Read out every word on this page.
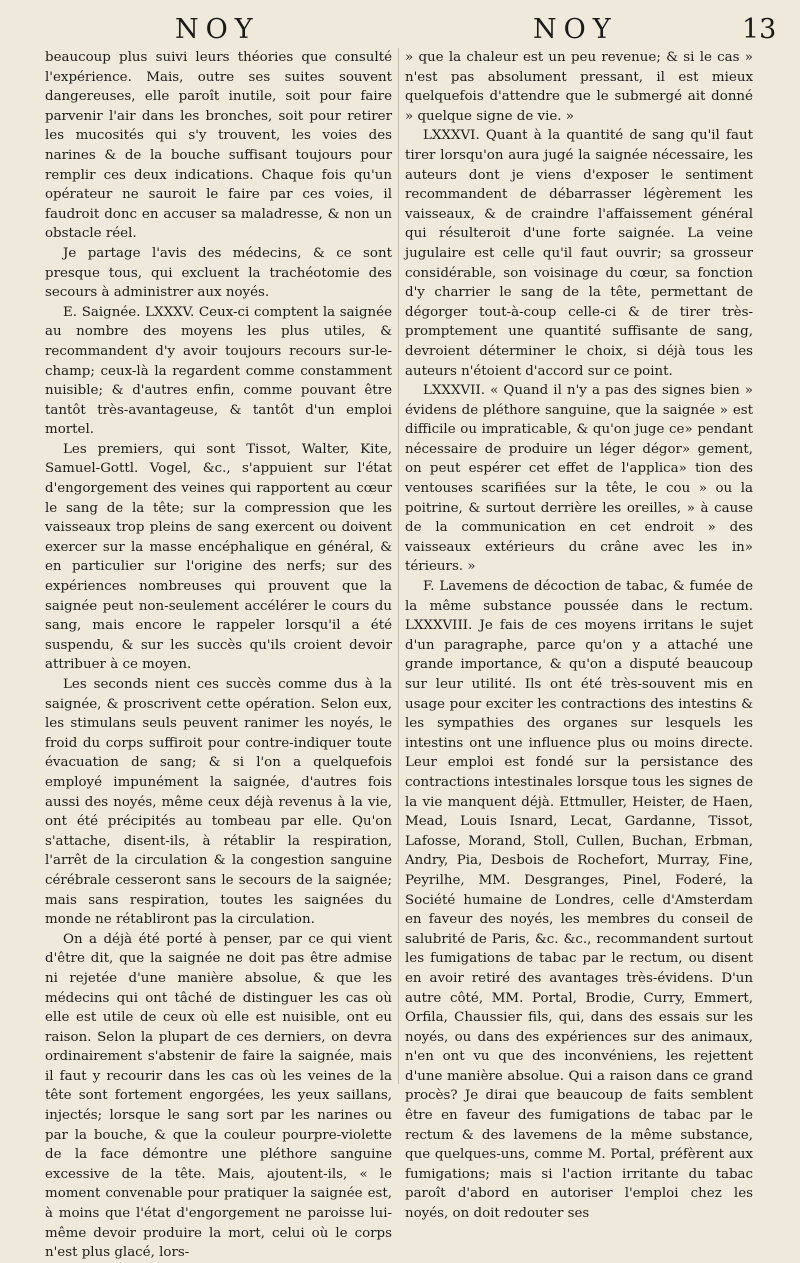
NOY	NOY	13

beaucoup plus suivi leurs théories que consulté l'expérience. Mais, outre ses suites souvent dangereuses, elle paroît inutile, soit pour faire parvenir l'air dans les bronches, soit pour retirer les mucosités qui s'y trouvent, les voies des narines & de la bouche suffisant toujours pour remplir ces deux indications. Chaque fois qu'un opérateur ne sauroit le faire par ces voies, il faudroit donc en accuser sa maladresse, & non un obstacle réel.

Je partage l'avis des médecins, & ce sont presque tous, qui excluent la trachéotomie des secours à administrer aux noyés.

E. Saignée. LXXXV. Ceux-ci comptent la saignée au nombre des moyens les plus utiles, & recommandent d'y avoir toujours recours sur-le-champ; ceux-là la regardent comme constamment nuisible; & d'autres enfin, comme pouvant être tantôt très-avantageuse, & tantôt d'un emploi mortel.

Les premiers, qui sont Tissot, Walter, Kite, Samuel-Gottl. Vogel, &c., s'appuient sur l'état d'engorgement des veines qui rapportent au cœur le sang de la tête; sur la compression que les vaisseaux trop pleins de sang exercent ou doivent exercer sur la masse encéphalique en général, & en particulier sur l'origine des nerfs; sur des expériences nombreuses qui prouvent que la saignée peut non-seulement accélérer le cours du sang, mais encore le rappeler lorsqu'il a été suspendu, & sur les succès qu'ils croient devoir attribuer à ce moyen.

Les seconds nient ces succès comme dus à la saignée, & proscrivent cette opération. Selon eux, les stimulans seuls peuvent ranimer les noyés, le froid du corps suffiroit pour contre-indiquer toute évacuation de sang; & si l'on a quelquefois employé impunément la saignée, d'autres fois aussi des noyés, même ceux déjà revenus à la vie, ont été précipités au tombeau par elle. Qu'on s'attache, disent-ils, à rétablir la respiration, l'arrêt de la circulation & la congestion sanguine cérébrale cesseront sans le secours de la saignée; mais sans respiration, toutes les saignées du monde ne rétabliront pas la circulation.

On a déjà été porté à penser, par ce qui vient d'être dit, que la saignée ne doit pas être admise ni rejetée d'une manière absolue, & que les médecins qui ont tâché de distinguer les cas où elle est utile de ceux où elle est nuisible, ont eu raison. Selon la plupart de ces derniers, on devra ordinairement s'abstenir de faire la saignée, mais il faut y recourir dans les cas où les veines de la tête sont fortement engorgées, les yeux saillans, injectés; lorsque le sang sort par les narines ou par la bouche, & que la couleur pourpre-violette de la face démontre une pléthore sanguine excessive de la tête. Mais, ajoutent-ils, « le moment convenable pour pratiquer la saignée est, à moins que l'état d'engorgement ne paroisse lui-même devoir produire la mort, celui où le corps n'est plus glacé, lors-

» que la chaleur est un peu revenue; & si le cas » n'est pas absolument pressant, il est mieux quelquefois d'attendre que le submergé ait donné » quelque signe de vie. »

LXXXVI. Quant à la quantité de sang qu'il faut tirer lorsqu'on aura jugé la saignée nécessaire, les auteurs dont je viens d'exposer le sentiment recommandent de débarrasser légèrement les vaisseaux, & de craindre l'affaissement général qui résulteroit d'une forte saignée. La veine jugulaire est celle qu'il faut ouvrir; sa grosseur considérable, son voisinage du cœur, sa fonction d'y charrier le sang de la tête, permettant de dégorger tout-à-coup celle-ci & de tirer très-promptement une quantité suffisante de sang, devroient déterminer le choix, si déjà tous les auteurs n'étoient d'accord sur ce point.

LXXXVII. « Quand il n'y a pas des signes bien » évidens de pléthore sanguine, que la saignée » est difficile ou impraticable, & qu'on juge ce» pendant nécessaire de produire un léger dégor» gement, on peut espérer cet effet de l'applica» tion des ventouses scarifiées sur la tête, le cou » ou la poitrine, & surtout derrière les oreilles, » à cause de la communication en cet endroit » des vaisseaux extérieurs du crâne avec les in» térieurs. »

F. Lavemens de décoction de tabac, & fumée de la même substance poussée dans le rectum. LXXXVIII. Je fais de ces moyens irritans le sujet d'un paragraphe, parce qu'on y a attaché une grande importance, & qu'on a disputé beaucoup sur leur utilité. Ils ont été très-souvent mis en usage pour exciter les contractions des intestins & les sympathies des organes sur lesquels les intestins ont une influence plus ou moins directe. Leur emploi est fondé sur la persistance des contractions intestinales lorsque tous les signes de la vie manquent déjà. Ettmuller, Heister, de Haen, Mead, Louis Isnard, Lecat, Gardanne, Tissot, Lafosse, Morand, Stoll, Cullen, Buchan, Erbman, Andry, Pia, Desbois de Rochefort, Murray, Fine, Peyrilhe, MM. Desgranges, Pinel, Foderé, la Société humaine de Londres, celle d'Amsterdam en faveur des noyés, les membres du conseil de salubrité de Paris, &c. &c., recommandent surtout les fumigations de tabac par le rectum, ou disent en avoir retiré des avantages très-évidens. D'un autre côté, MM. Portal, Brodie, Curry, Emmert, Orfila, Chaussier fils, qui, dans des essais sur les noyés, ou dans des expériences sur des animaux, n'en ont vu que des inconvéniens, les rejettent d'une manière absolue. Qui a raison dans ce grand procès? Je dirai que beaucoup de faits semblent être en faveur des fumigations de tabac par le rectum & des lavemens de la même substance, que quelques-uns, comme M. Portal, préfèrent aux fumigations; mais si l'action irritante du tabac paroît d'abord en autoriser l'emploi chez les noyés, on doit redouter ses
